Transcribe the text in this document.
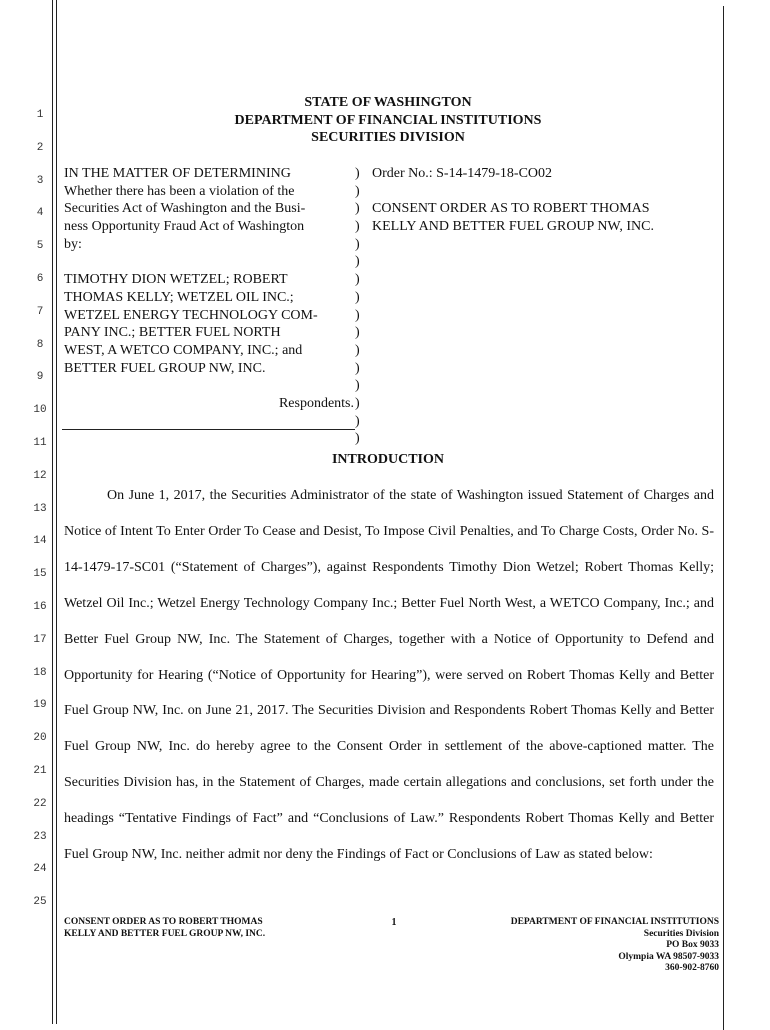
1
2
3
4
5
6
7
8
9
10
11
12
13
14
15
16
17
18
19
20
21
22
23
24
25
STATE OF WASHINGTON
DEPARTMENT OF FINANCIAL INSTITUTIONS
SECURITIES DIVISION
IN THE MATTER OF DETERMINING
Whether there has been a violation of the
Securities Act of Washington and the Busi-
ness Opportunity Fraud Act of Washington
by:
TIMOTHY DION WETZEL; ROBERT
THOMAS KELLY; WETZEL OIL INC.;
WETZEL ENERGY TECHNOLOGY COM-
PANY INC.; BETTER FUEL NORTH
WEST, A WETCO COMPANY, INC.; and
BETTER FUEL GROUP NW, INC.
Respondents.
)
)
)
)
)
)
)
)
)
)
)
)
)
)
)
)
Order No.: S-14-1479-18-CO02
CONSENT ORDER AS TO ROBERT THOMAS
KELLY AND BETTER FUEL GROUP NW, INC.
INTRODUCTION
On June 1, 2017, the Securities Administrator of the state of Washington issued Statement of Charges and Notice of Intent To Enter Order To Cease and Desist, To Impose Civil Penalties, and To Charge Costs, Order No. S-14-1479-17-SC01 (“Statement of Charges”), against Respondents Timothy Dion Wetzel; Robert Thomas Kelly; Wetzel Oil Inc.; Wetzel Energy Technology Company Inc.; Better Fuel North West, a WETCO Company, Inc.; and Better Fuel Group NW, Inc. The Statement of Charges, together with a Notice of Opportunity to Defend and Opportunity for Hearing (“Notice of Opportunity for Hearing”), were served on Robert Thomas Kelly and Better Fuel Group NW, Inc. on June 21, 2017. The Securities Division and Respondents Robert Thomas Kelly and Better Fuel Group NW, Inc. do hereby agree to the Consent Order in settlement of the above-captioned matter. The Securities Division has, in the Statement of Charges, made certain allegations and conclusions, set forth under the headings “Tentative Findings of Fact” and “Conclusions of Law.” Respondents Robert Thomas Kelly and Better Fuel Group NW, Inc. neither admit nor deny the Findings of Fact or Conclusions of Law as stated below:
CONSENT ORDER AS TO ROBERT THOMAS
KELLY AND BETTER FUEL GROUP NW, INC.
1	DEPARTMENT OF FINANCIAL INSTITUTIONS
Securities Division
PO Box 9033
Olympia WA 98507-9033
360-902-8760
